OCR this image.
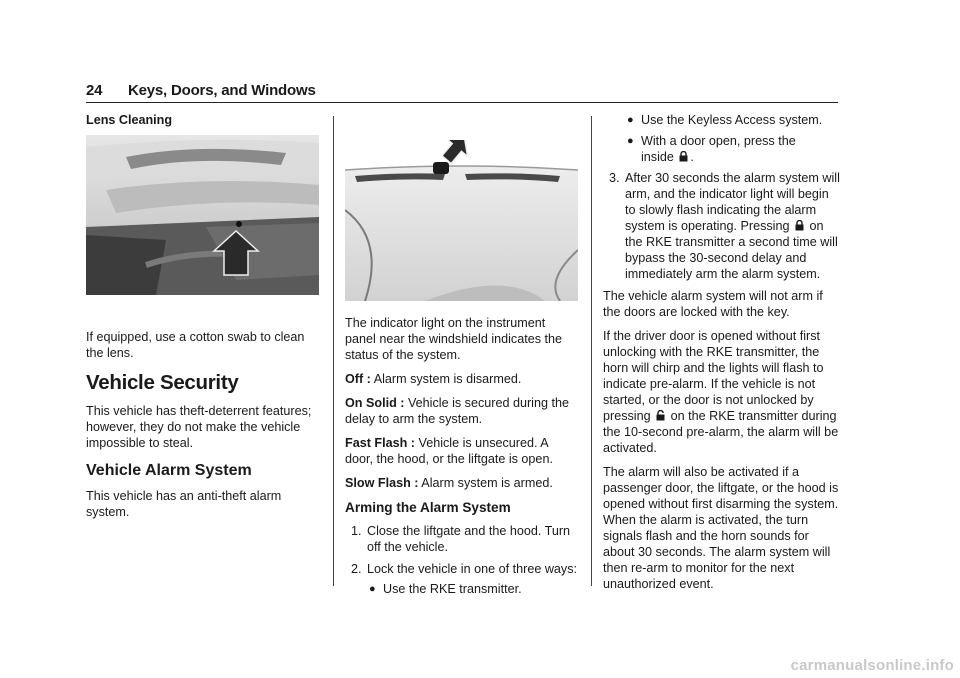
24 Keys, Doors, and Windows
Lens Cleaning

If equipped, use a cotton swab to clean the lens.

Vehicle Security

This vehicle has theft-deterrent features; however, they do not make the vehicle impossible to steal.

Vehicle Alarm System

This vehicle has an anti-theft alarm system.

The indicator light on the instrument panel near the windshield indicates the status of the system.

Off : Alarm system is disarmed.

On Solid : Vehicle is secured during the delay to arm the system.

Fast Flash : Vehicle is unsecured. A door, the hood, or the liftgate is open.

Slow Flash : Alarm system is armed.

Arming the Alarm System
1. Close the liftgate and the hood. Turn off the vehicle.
2. Lock the vehicle in one of three ways:
● Use the RKE transmitter.
● Use the Keyless Access system.
● With a door open, press the
inside .
3. After 30 seconds the alarm system will arm, and the indicator light will begin to slowly flash indicating the alarm system is operating. Pressing on the RKE transmitter a second time will bypass the 30-second delay and immediately arm the alarm system.

The vehicle alarm system will not arm if the doors are locked with the key.

If the driver door is opened without first unlocking with the RKE transmitter, the horn will chirp and the lights will flash to indicate pre-alarm. If the vehicle is not started, or the door is not unlocked by pressing on the RKE transmitter during the 10-second pre-alarm, the alarm will be activated.

The alarm will also be activated if a passenger door, the liftgate, or the hood is opened without first disarming the system. When the alarm is activated, the turn signals flash and the horn sounds for about 30 seconds. The alarm system will then re-arm to monitor for the next unauthorized event.

carmanualsonline.info
